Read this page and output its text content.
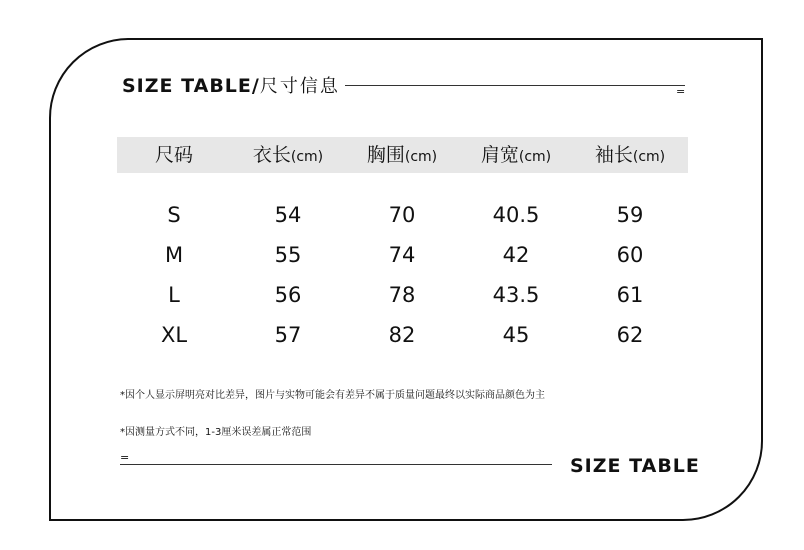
SIZE TABLE/尺寸信息	=
尺码	衣长(cm)	胸围(cm)	肩宽(cm)	袖长(cm)
S	54	70	40.5	59
M	55	74	42	60
L	56	78	43.5	61
XL	57	82	45	62
*因个人显示屏明亮对比差异，图片与实物可能会有差异不属于质量问题最终以实际商品颜色为主
*因测量方式不同，1-3厘米误差属正常范围
=	SIZE TABLE
